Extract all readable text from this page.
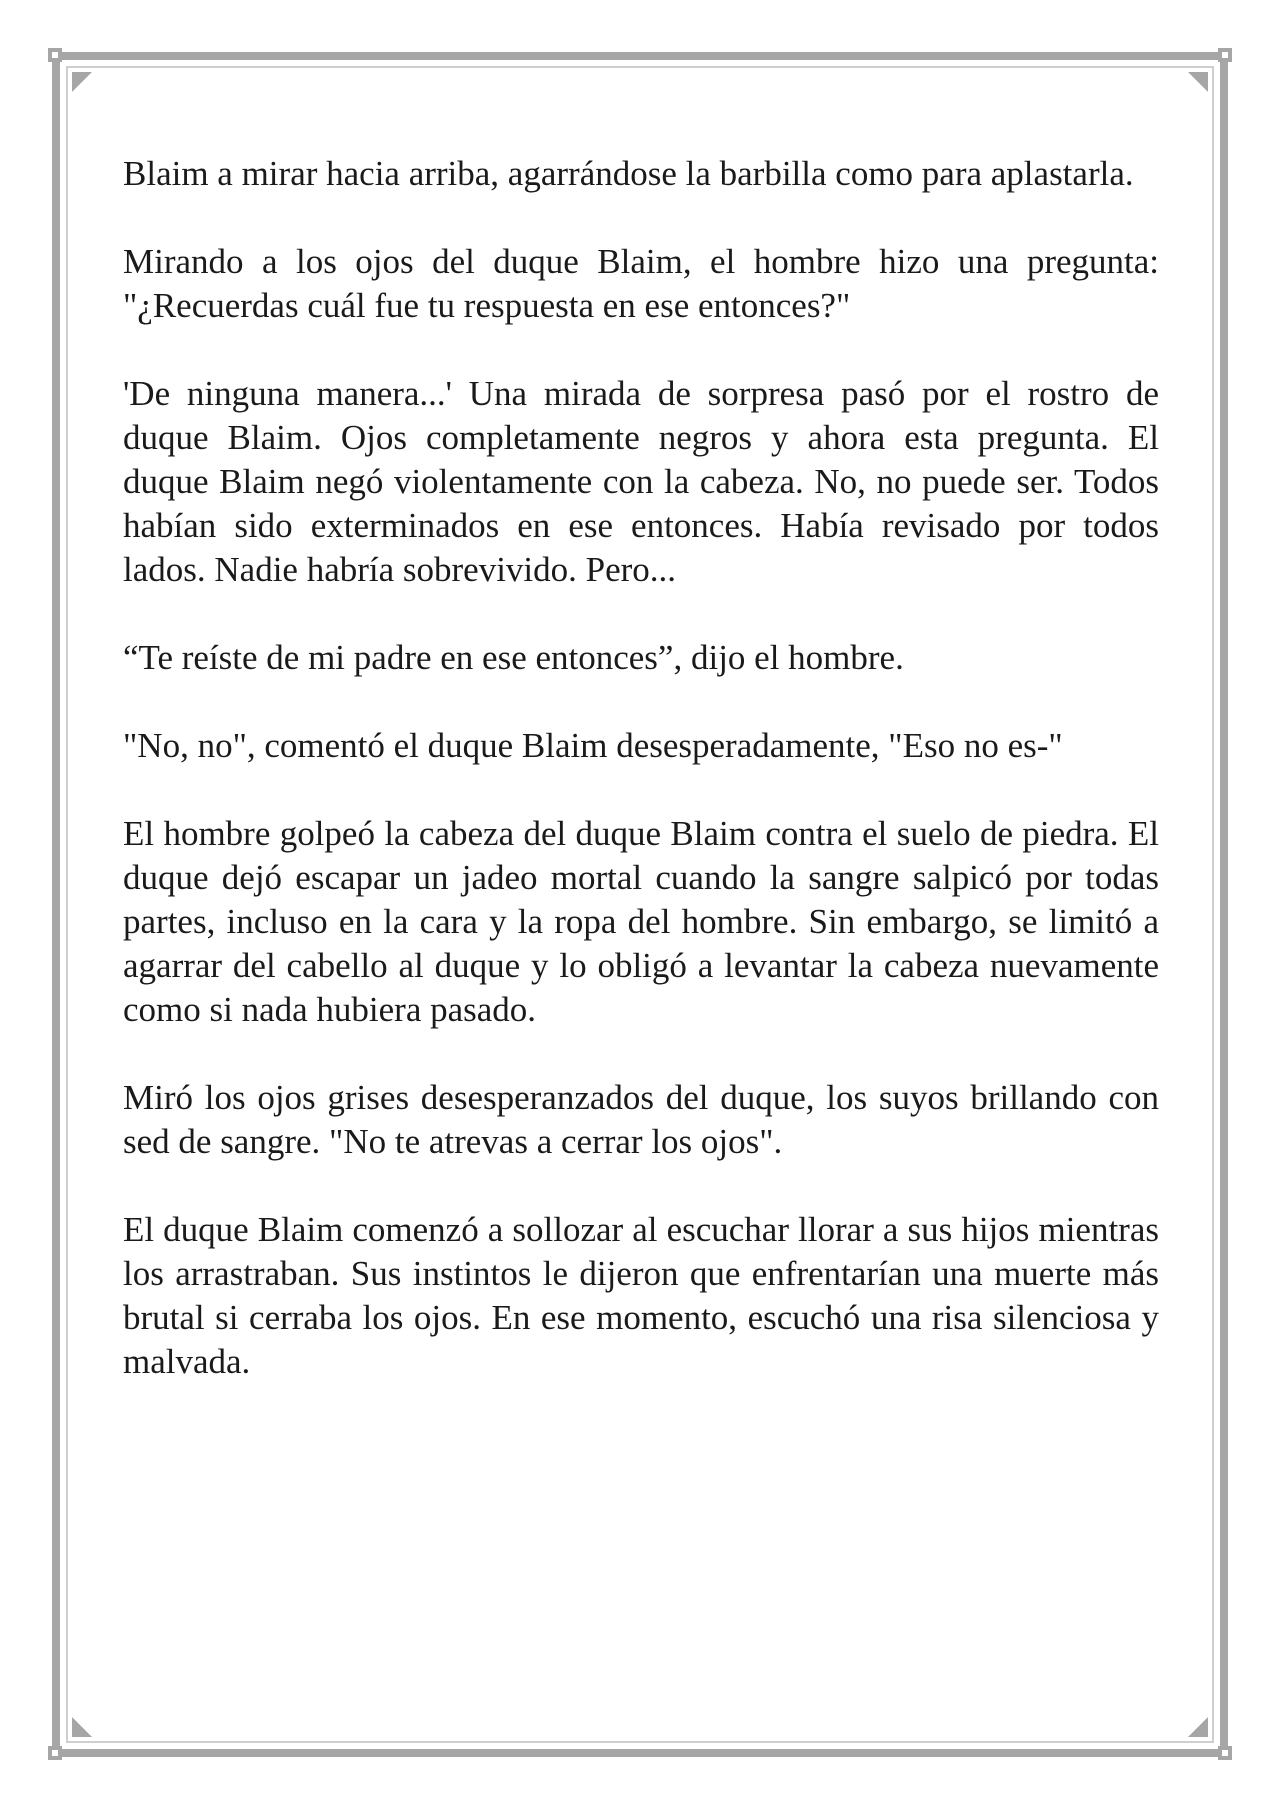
Blaim a mirar hacia arriba, agarrándose la barbilla como para aplastarla.

Mirando a los ojos del duque Blaim, el hombre hizo una pregunta: "¿Recuerdas cuál fue tu respuesta en ese entonces?"

'De ninguna manera...' Una mirada de sorpresa pasó por el rostro de duque Blaim. Ojos completamente negros y ahora esta pregunta. El duque Blaim negó violentamente con la cabeza. No, no puede ser. Todos habían sido exterminados en ese entonces. Había revisado por todos lados. Nadie habría sobrevivido. Pero...

“Te reíste de mi padre en ese entonces”, dijo el hombre.

"No, no", comentó el duque Blaim desesperadamente, "Eso no es-"

El hombre golpeó la cabeza del duque Blaim contra el suelo de piedra. El duque dejó escapar un jadeo mortal cuando la sangre salpicó por todas partes, incluso en la cara y la ropa del hombre. Sin embargo, se limitó a agarrar del cabello al duque y lo obligó a levantar la cabeza nuevamente como si nada hubiera pasado.

Miró los ojos grises desesperanzados del duque, los suyos brillando con sed de sangre. "No te atrevas a cerrar los ojos".

El duque Blaim comenzó a sollozar al escuchar llorar a sus hijos mientras los arrastraban. Sus instintos le dijeron que enfrentarían una muerte más brutal si cerraba los ojos. En ese momento, escuchó una risa silenciosa y malvada.
